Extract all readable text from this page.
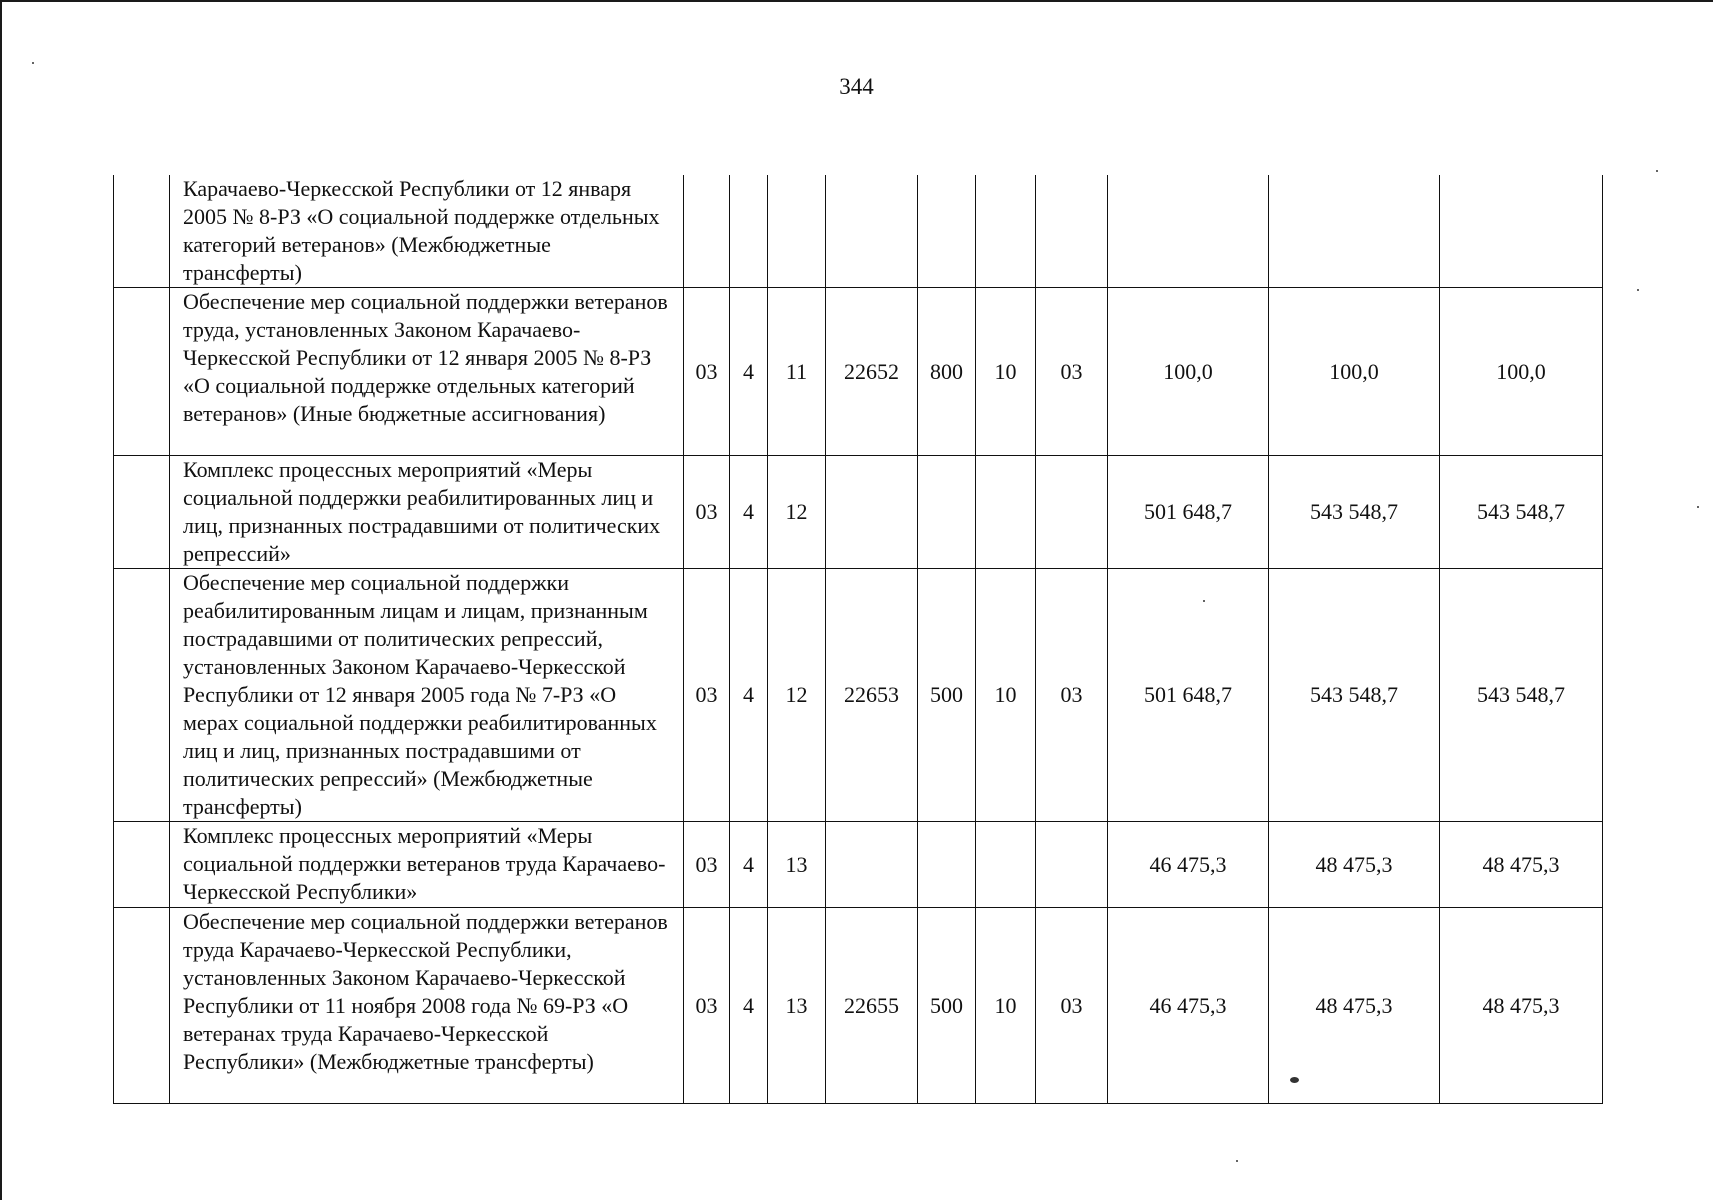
344
	Карачаево-Черкесской Республики от 12 января 2005 № 8-РЗ «О социальной поддержке отдельных категорий ветеранов» (Межбюджетные трансферты)										
	Обеспечение мер социальной поддержки ветеранов труда, установленных Законом Карачаево-Черкесской Республики от 12 января 2005 № 8-РЗ «О социальной поддержке отдельных категорий ветеранов» (Иные бюджетные ассигнования)	03	4	11	22652	800	10	03	100,0	100,0	100,0
	Комплекс процессных мероприятий «Меры социальной поддержки реабилитированных лиц и лиц, признанных пострадавшими от политических репрессий»	03	4	12					501 648,7	543 548,7	543 548,7
	Обеспечение мер социальной поддержки реабилитированным лицам и лицам, признанным пострадавшими от политических репрессий, установленных Законом Карачаево-Черкесской Республики от 12 января 2005 года № 7-РЗ «О мерах социальной поддержки реабилитированных лиц и лиц, признанных пострадавшими от политических репрессий» (Межбюджетные трансферты)	03	4	12	22653	500	10	03	501 648,7	543 548,7	543 548,7
	Комплекс процессных мероприятий «Меры социальной поддержки ветеранов труда Карачаево-Черкесской Республики»	03	4	13					46 475,3	48 475,3	48 475,3
	Обеспечение мер социальной поддержки ветеранов труда Карачаево-Черкесской Республики, установленных Законом Карачаево-Черкесской Республики от 11 ноября 2008 года № 69-РЗ «О ветеранах труда Карачаево-Черкесской Республики» (Межбюджетные трансферты)	03	4	13	22655	500	10	03	46 475,3	48 475,3	48 475,3
